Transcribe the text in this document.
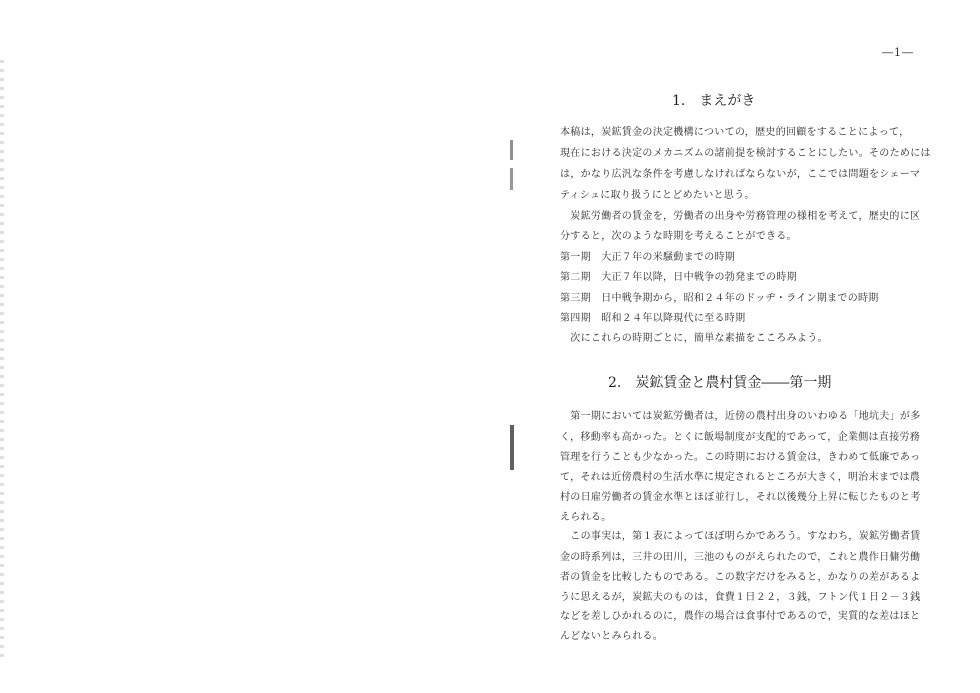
―1―
1.　まえがき
本稿は，炭鉱賃金の決定機構についての，歴史的回顧をすることによって，
現在における決定のメカニズムの諸前提を検討することにしたい。そのためには
は，かなり広汎な条件を考慮しなければならないが，ここでは問題をシェーマ
ティシュに取り扱うにとどめたいと思う。
　炭鉱労働者の賃金を，労働者の出身や労務管理の様相を考えて，歴史的に区
分すると，次のような時期を考えることができる。
第一期　大正７年の米騒動までの時期
第二期　大正７年以降，日中戦争の勃発までの時期
第三期　日中戦争期から，昭和２４年のドッヂ・ライン期までの時期
第四期　昭和２４年以降現代に至る時期
　次にこれらの時期ごとに，簡単な素描をこころみよう。
2.　炭鉱賃金と農村賃金――第一期
　第一期においては炭鉱労働者は，近傍の農村出身のいわゆる「地坑夫」が多
く，移動率も高かった。とくに飯場制度が支配的であって，企業側は直接労務
管理を行うことも少なかった。この時期における賃金は，きわめて低廉であっ
て，それは近傍農村の生活水準に規定されるところが大きく，明治末までは農
村の日雇労働者の賃金水準とほぼ並行し，それ以後幾分上昇に転じたものと考
えられる。
　この事実は，第１表によってほぼ明らかであろう。すなわち，炭鉱労働者賃
金の時系列は，三井の田川，三池のものがえられたので，これと農作日傭労働
者の賃金を比較したものである。この数字だけをみると，かなりの差があるよ
うに思えるが，炭鉱夫のものは，食費１日２２，３銭，フトン代１日２－３銭
などを差しひかれるのに，農作の場合は食事付であるので，実質的な差はほと
んどないとみられる。
